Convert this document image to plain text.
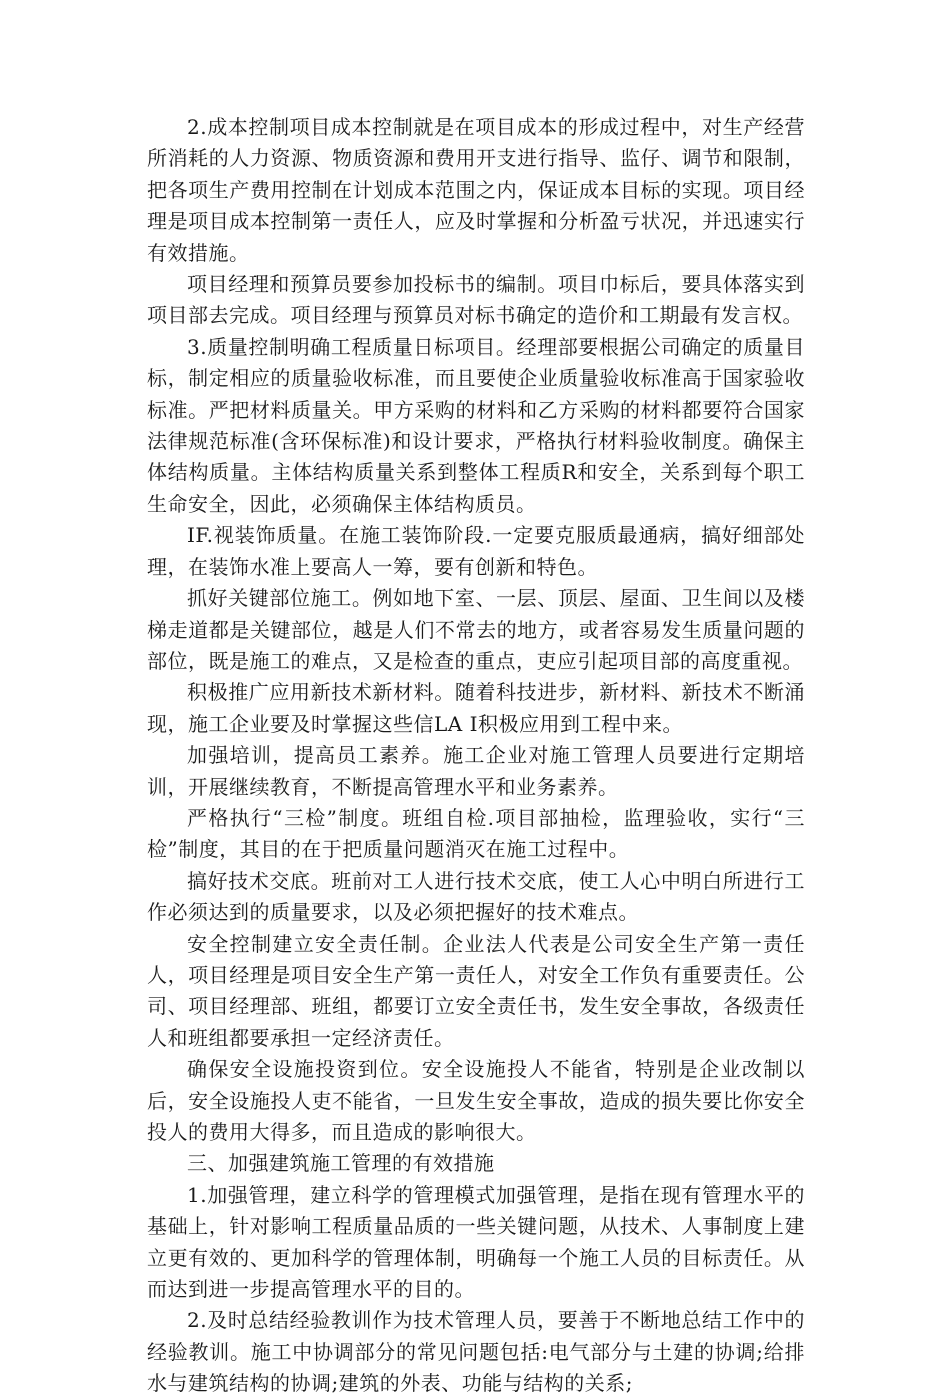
2.成本控制项目成本控制就是在项目成本的形成过程中，对生产经营所消耗的人力资源、物质资源和费用开支进行指导、监仔、调节和限制，把各项生产费用控制在计划成本范围之内，保证成本目标的实现。项目经理是项目成本控制第一责任人，应及时掌握和分析盈亏状况，并迅速实行有效措施。

项目经理和预算员要参加投标书的编制。项目巾标后，要具体落实到项目部去完成。项目经理与预算员对标书确定的造价和工期最有发言权。

3.质量控制明确工程质量日标项目。经理部要根据公司确定的质量目标，制定相应的质量验收标准，而且要使企业质量验收标准高于国家验收标准。严把材料质量关。甲方采购的材料和乙方采购的材料都要符合国家法律规范标准(含环保标准)和设计要求，严格执行材料验收制度。确保主体结构质量。主体结构质量关系到整体工程质R和安全，关系到每个职工生命安全，因此，必须确保主体结构质员。

IF.视装饰质量。在施工装饰阶段.一定要克服质最通病，搞好细部处理，在装饰水准上要高人一筹，要有创新和特色。

抓好关键部位施工。例如地下室、一层、顶层、屋面、卫生间以及楼梯走道都是关键部位，越是人们不常去的地方，或者容易发生质量问题的部位，既是施工的难点，又是检查的重点，吏应引起项目部的高度重视。

积极推广应用新技术新材料。随着科技进步，新材料、新技术不断涌现，施工企业要及时掌握这些信LA I积极应用到工程中来。

加强培训，提高员工素养。施工企业对施工管理人员要进行定期培训，开展继续教育，不断提高管理水平和业务素养。

严格执行“三检”制度。班组自检.项目部抽检，监理验收，实行“三检”制度，其目的在于把质量问题消灭在施工过程中。

搞好技术交底。班前对工人进行技术交底，使工人心中明白所进行工作必须达到的质量要求，以及必须把握好的技术难点。

安全控制建立安全责任制。企业法人代表是公司安全生产第一责任人，项目经理是项目安全生产第一责任人，对安全工作负有重要责任。公司、项目经理部、班组，都要订立安全责任书，发生安全事故，各级责任人和班组都要承担一定经济责任。

确保安全设施投资到位。安全设施投人不能省，特别是企业改制以后，安全设施投人吏不能省，一旦发生安全事故，造成的损失要比你安全投人的费用大得多，而且造成的影响很大。

三、加强建筑施工管理的有效措施

1.加强管理，建立科学的管理模式加强管理，是指在现有管理水平的基础上，针对影响工程质量品质的一些关键问题，从技术、人事制度上建立更有效的、更加科学的管理体制，明确每一个施工人员的目标责任。从而达到进一步提高管理水平的目的。

2.及时总结经验教训作为技术管理人员，要善于不断地总结工作中的经验教训。施工中协调部分的常见问题包括:电气部分与土建的协调;给排水与建筑结构的协调;建筑的外表、功能与结构的关系;
